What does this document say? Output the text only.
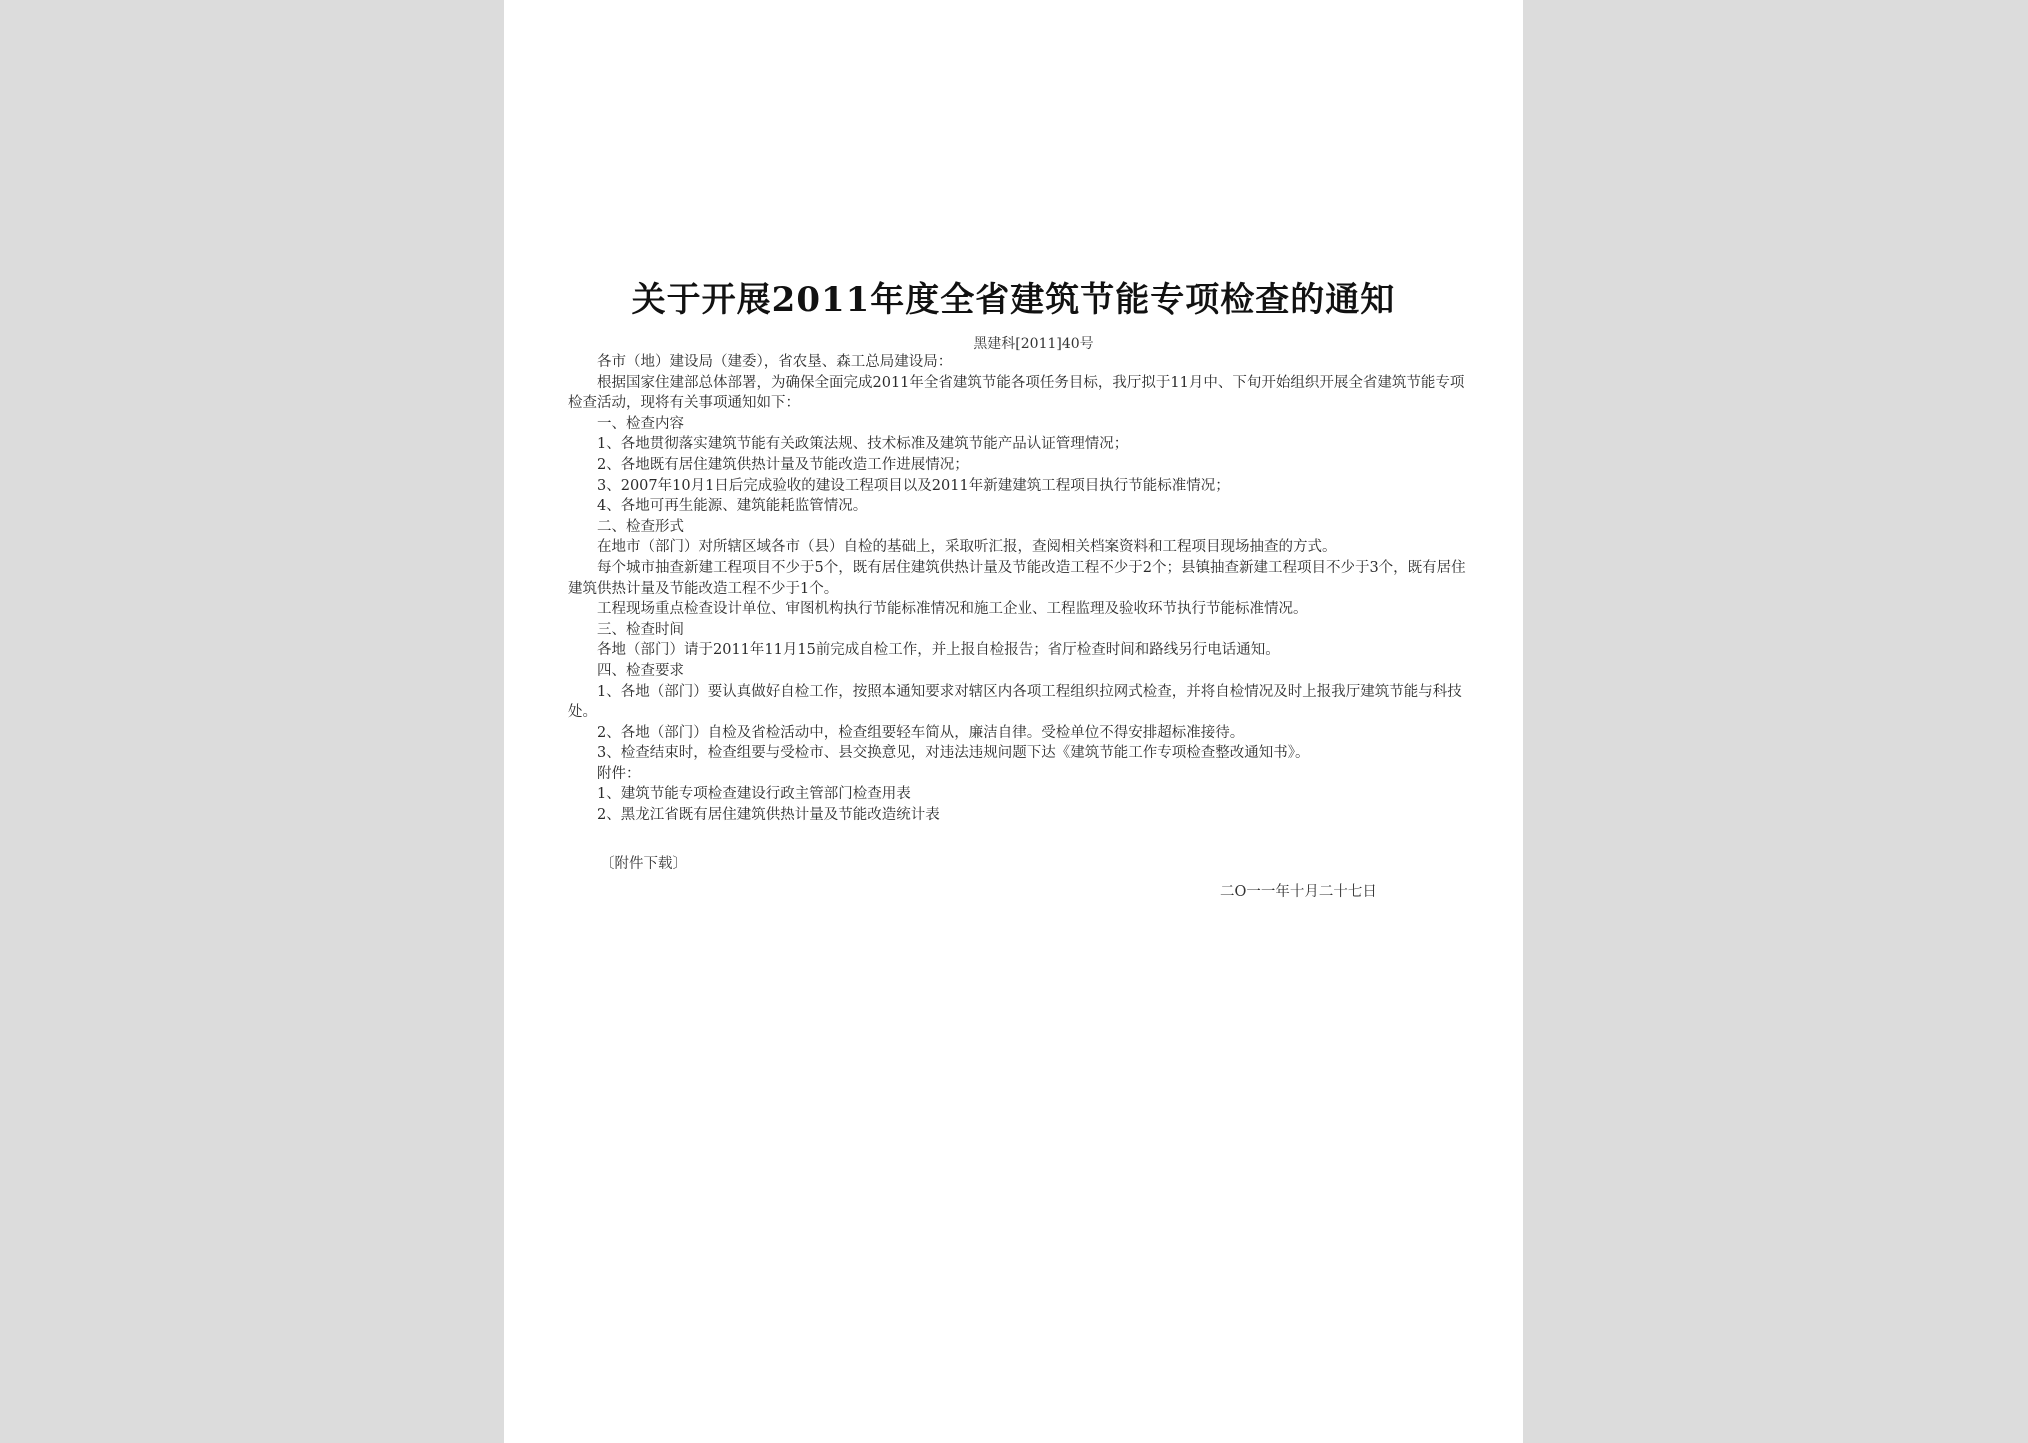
关于开展2011年度全省建筑节能专项检查的通知
黑建科[2011]40号

各市（地）建设局（建委），省农垦、森工总局建设局：

根据国家住建部总体部署，为确保全面完成2011年全省建筑节能各项任务目标，我厅拟于11月中、下旬开始组织开展全省建筑节能专项检查活动，现将有关事项通知如下：

一、检查内容

1、各地贯彻落实建筑节能有关政策法规、技术标准及建筑节能产品认证管理情况；

2、各地既有居住建筑供热计量及节能改造工作进展情况；

3、2007年10月1日后完成验收的建设工程项目以及2011年新建建筑工程项目执行节能标准情况；

4、各地可再生能源、建筑能耗监管情况。

二、检查形式

在地市（部门）对所辖区域各市（县）自检的基础上，采取听汇报，查阅相关档案资料和工程项目现场抽查的方式。

每个城市抽查新建工程项目不少于5个，既有居住建筑供热计量及节能改造工程不少于2个；县镇抽查新建工程项目不少于3个，既有居住建筑供热计量及节能改造工程不少于1个。

工程现场重点检查设计单位、审图机构执行节能标准情况和施工企业、工程监理及验收环节执行节能标准情况。

三、检查时间

各地（部门）请于2011年11月15前完成自检工作，并上报自检报告；省厅检查时间和路线另行电话通知。

四、检查要求

1、各地（部门）要认真做好自检工作，按照本通知要求对辖区内各项工程组织拉网式检查，并将自检情况及时上报我厅建筑节能与科技处。

2、各地（部门）自检及省检活动中，检查组要轻车简从，廉洁自律。受检单位不得安排超标准接待。

3、检查结束时，检查组要与受检市、县交换意见，对违法违规问题下达《建筑节能工作专项检查整改通知书》。

附件：

1、建筑节能专项检查建设行政主管部门检查用表

2、黑龙江省既有居住建筑供热计量及节能改造统计表

〔附件下载〕
二O一一年十月二十七日
